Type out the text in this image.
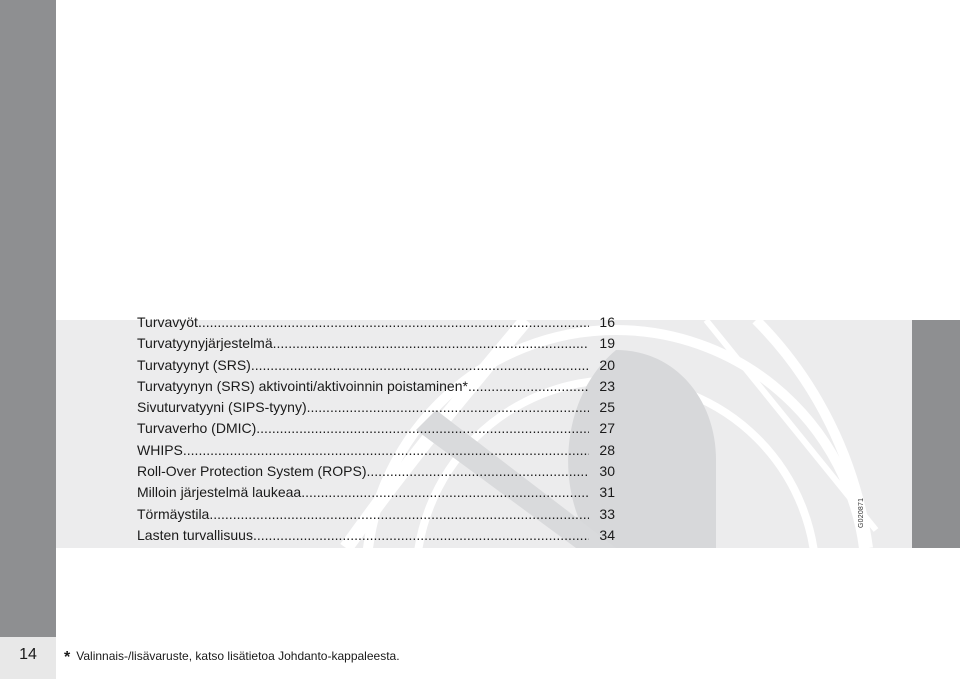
14
G020871
Turvavyöt .....	16
Turvatyynyjärjestelmä .....	19
Turvatyynyt (SRS) .....	20
Turvatyynyn (SRS) aktivointi/aktivoinnin poistaminen* .....	23
Sivuturvatyyni (SIPS-tyyny) .....	25
Turvaverho (DMIC) .....	27
WHIPS .....	28
Roll-Over Protection System (ROPS) .....	30
Milloin järjestelmä laukeaa .....	31
Törmäystila .....	33
Lasten turvallisuus .....	34
* Valinnais-/lisävaruste, katso lisätietoa Johdanto-kappaleesta.
